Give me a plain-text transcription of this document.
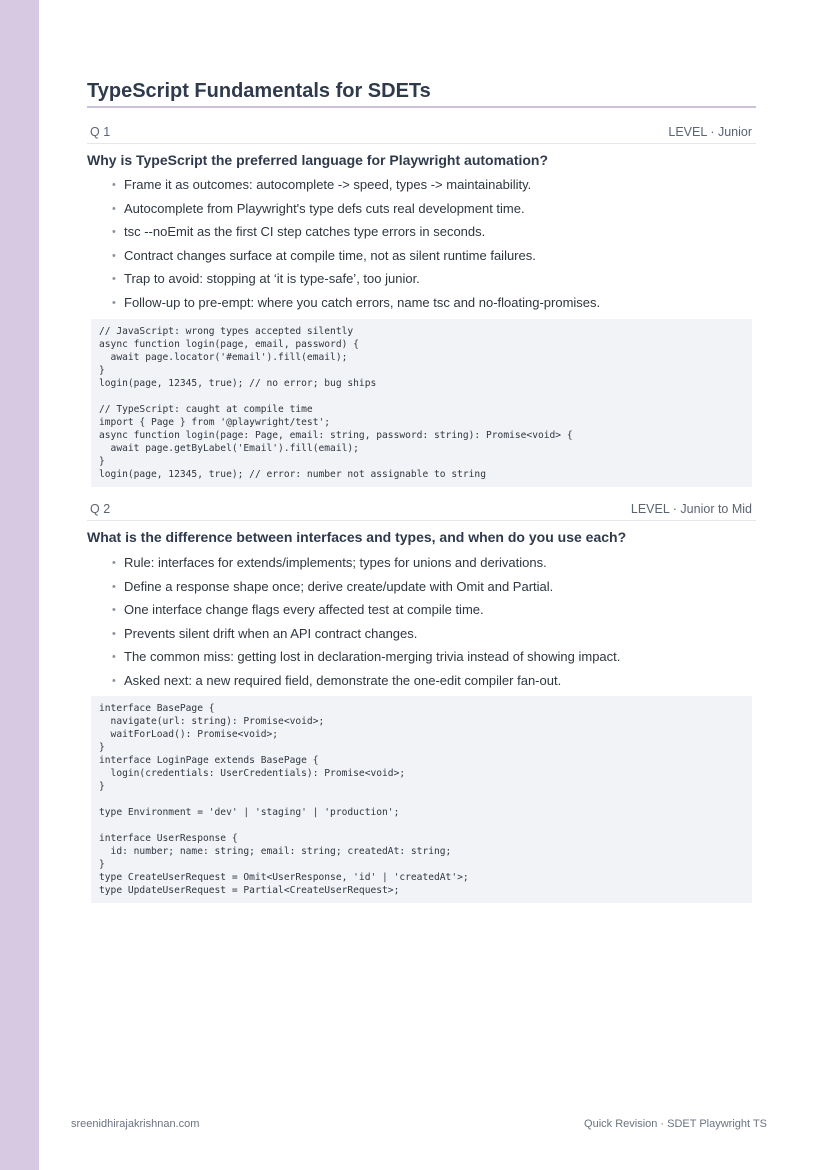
TypeScript Fundamentals for SDETs
Q 1	LEVEL · Junior
Why is TypeScript the preferred language for Playwright automation?
• Frame it as outcomes: autocomplete -> speed, types -> maintainability.
• Autocomplete from Playwright's type defs cuts real development time.
• tsc --noEmit as the first CI step catches type errors in seconds.
• Contract changes surface at compile time, not as silent runtime failures.
• Trap to avoid: stopping at ‘it is type-safe’, too junior.
• Follow-up to pre-empt: where you catch errors, name tsc and no-floating-promises.
// JavaScript: wrong types accepted silently
async function login(page, email, password) {
await page.locator('#email').fill(email);
}
login(page, 12345, true); // no error; bug ships

// TypeScript: caught at compile time
import { Page } from '@playwright/test';
async function login(page: Page, email: string, password: string): Promise<void> {
await page.getByLabel('Email').fill(email);
}
login(page, 12345, true); // error: number not assignable to string
Q 2	LEVEL · Junior to Mid
What is the difference between interfaces and types, and when do you use each?
• Rule: interfaces for extends/implements; types for unions and derivations.
• Define a response shape once; derive create/update with Omit and Partial.
• One interface change flags every affected test at compile time.
• Prevents silent drift when an API contract changes.
• The common miss: getting lost in declaration-merging trivia instead of showing impact.
• Asked next: a new required field, demonstrate the one-edit compiler fan-out.
interface BasePage {
navigate(url: string): Promise<void>;
waitForLoad(): Promise<void>;
}
interface LoginPage extends BasePage {
login(credentials: UserCredentials): Promise<void>;
}

type Environment = 'dev' | 'staging' | 'production';

interface UserResponse {
id: number; name: string; email: string; createdAt: string;
}
type CreateUserRequest = Omit<UserResponse, 'id' | 'createdAt'>;
type UpdateUserRequest = Partial<CreateUserRequest>;
sreenidhirajakrishnan.com	Quick Revision · SDET Playwright TS
